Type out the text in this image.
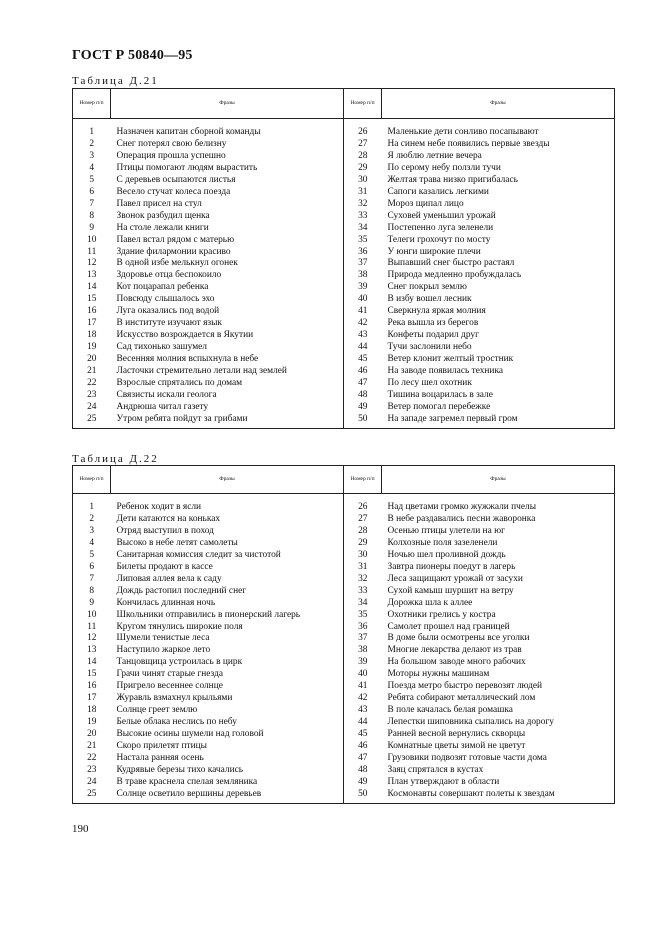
ГОСТ Р 50840—95
Таблица Д.21
Номер п/п	Фразы	Номер п/п	Фразы

1	Назначен капитан сборной команды	26	Маленькие дети сонливо посапывают
2	Снег потерял свою белизну	27	На синем небе появились первые звезды
3	Операция прошла успешно	28	Я люблю летние вечера
4	Птицы помогают людям вырастить	29	По серому небу ползли тучи
5	С деревьев осыпаются листья	30	Желтая трава низко пригибалась
6	Весело стучат колеса поезда	31	Сапоги казались легкими
7	Павел присел на стул	32	Мороз щипал лицо
8	Звонок разбудил щенка	33	Суховей уменьшил урожай
9	На столе лежали книги	34	Постепенно луга зеленели
10	Павел встал рядом с матерью	35	Телеги грохочут по мосту
11	Здание филармонии красиво	36	У юнги широкие плечи
12	В одной избе мелькнул огонек	37	Выпавший снег быстро растаял
13	Здоровье отца беспокоило	38	Природа медленно пробуждалась
14	Кот поцарапал ребенка	39	Снег покрыл землю
15	Повсюду слышалось эхо	40	В избу вошел лесник
16	Луга оказались под водой	41	Сверкнула яркая молния
17	В институте изучают язык	42	Река вышла из берегов
18	Искусство возрождается в Якутии	43	Конфеты подарил друг
19	Сад тихонько зашумел	44	Тучи заслонили небо
20	Весенняя молния вспыхнула в небе	45	Ветер клонит желтый тростник
21	Ласточки стремительно летали над землей	46	На заводе появилась техника
22	Взрослые спрятались по домам	47	По лесу шел охотник
23	Связисты искали геолога	48	Тишина воцарилась в зале
24	Андрюша читал газету	49	Ветер помогал перебежке
25	Утром ребята пойдут за грибами	50	На западе загремел первый гром
Таблица Д.22
Номер п/п	Фразы	Номер п/п	Фразы

1	Ребенок ходит в ясли	26	Над цветами громко жужжали пчелы
2	Дети катаются на коньках	27	В небе раздавались песни жаворонка
3	Отряд выступил в поход	28	Осенью птицы улетели на юг
4	Высоко в небе летят самолеты	29	Колхозные поля зазеленели
5	Санитарная комиссия следит за чистотой	30	Ночью шел проливной дождь
6	Билеты продают в кассе	31	Завтра пионеры поедут в лагерь
7	Липовая аллея вела к саду	32	Леса защищают урожай от засухи
8	Дождь растопил последний снег	33	Сухой камыш шуршит на ветру
9	Кончилась длинная ночь	34	Дорожка шла к аллее
10	Школьники отправились в пионерский лагерь	35	Охотники грелись у костра
11	Кругом тянулись широкие поля	36	Самолет прошел над границей
12	Шумели тенистые леса	37	В доме были осмотрены все уголки
13	Наступило жаркое лето	38	Многие лекарства делают из трав
14	Танцовщица устроилась в цирк	39	На большом заводе много рабочих
15	Грачи чинят старые гнезда	40	Моторы нужны машинам
16	Пригрело весеннее солнце	41	Поезда метро быстро перевозят людей
17	Журавль взмахнул крыльями	42	Ребята собирают металлический лом
18	Солнце греет землю	43	В поле качалась белая ромашка
19	Белые облака неслись по небу	44	Лепестки шиповника сыпались на дорогу
20	Высокие осины шумели над головой	45	Ранней весной вернулись скворцы
21	Скоро прилетят птицы	46	Комнатные цветы зимой не цветут
22	Настала ранняя осень	47	Грузовики подвозят готовые части дома
23	Кудрявые березы тихо качались	48	Заяц спрятался в кустах
24	В траве краснела спелая земляника	49	План утверждают в области
25	Солнце осветило вершины деревьев	50	Космонавты совершают полеты к звездам
190
